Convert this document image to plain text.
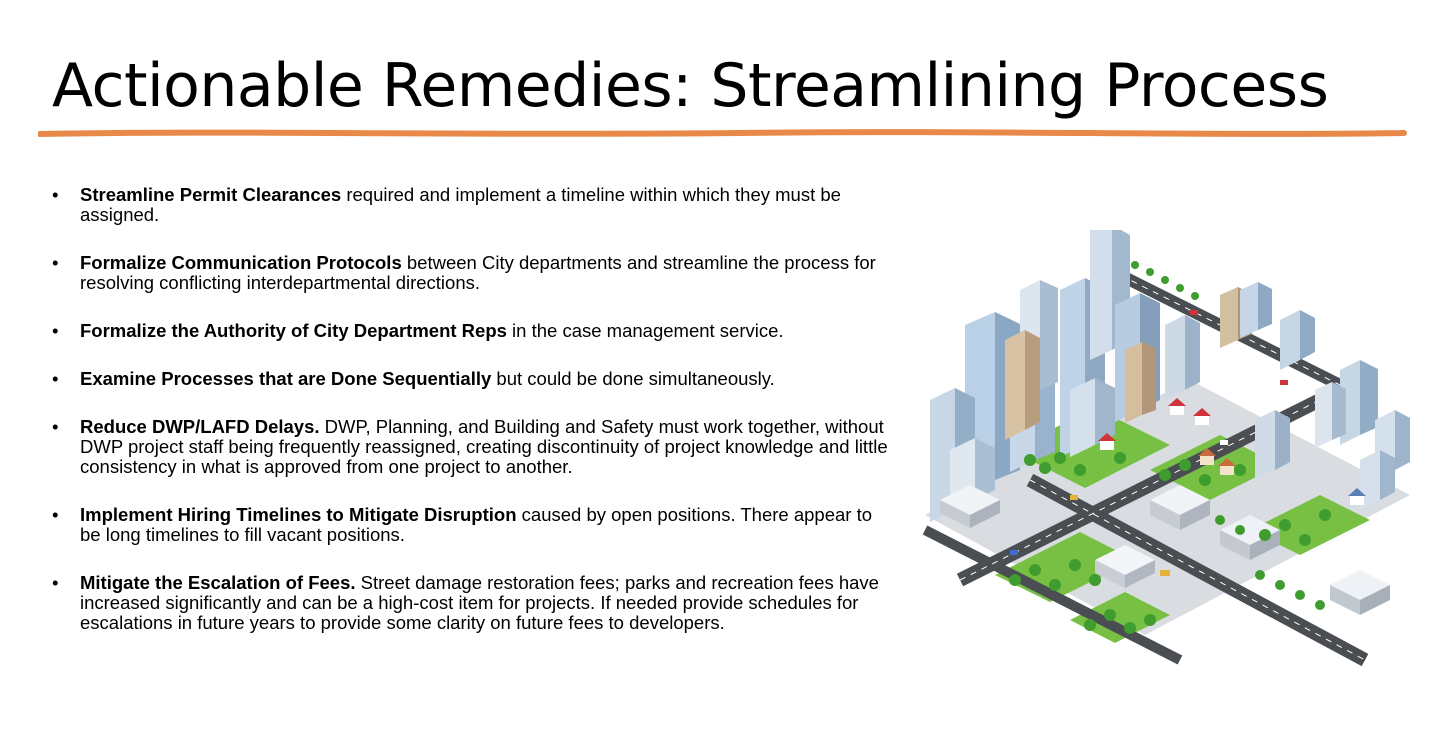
Actionable Remedies: Streamlining Process
• Streamline Permit Clearances required and implement a timeline within which they must be assigned.
• Formalize Communication Protocols between City departments and streamline the process for resolving conflicting interdepartmental directions.
• Formalize the Authority of City Department Reps in the case management service.
• Examine Processes that are Done Sequentially but could be done simultaneously.
• Reduce DWP/LAFD Delays. DWP, Planning, and Building and Safety must work together, without DWP project staff being frequently reassigned, creating discontinuity of project knowledge and little consistency in what is approved from one project to another.
• Implement Hiring Timelines to Mitigate Disruption caused by open positions. There appear to be long timelines to fill vacant positions.
• Mitigate the Escalation of Fees. Street damage restoration fees; parks and recreation fees have increased significantly and can be a high-cost item for projects. If needed provide schedules for escalations in future years to provide some clarity on future fees to developers.
